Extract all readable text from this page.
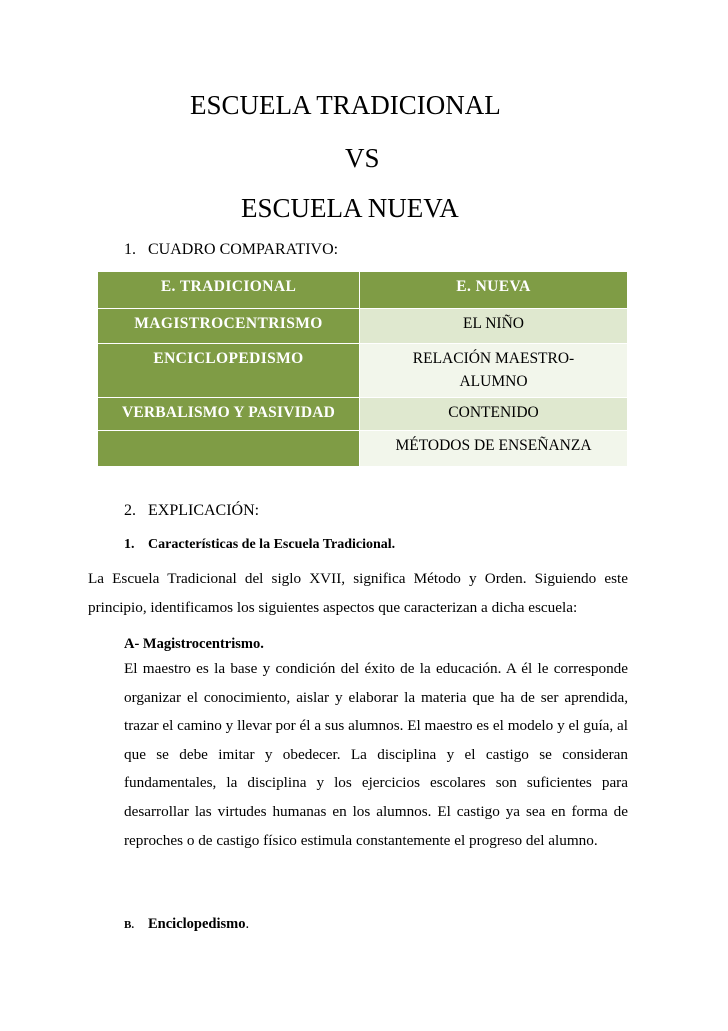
ESCUELA TRADICIONAL
VS
ESCUELA NUEVA
1. CUADRO COMPARATIVO:
E. TRADICIONAL	E. NUEVA
MAGISTROCENTRISMO	EL NIÑO
ENCICLOPEDISMO	RELACIÓN MAESTRO-ALUMNO
VERBALISMO Y PASIVIDAD	CONTENIDO
	MÉTODOS DE ENSEÑANZA
2. EXPLICACIÓN:
1. Características de la Escuela Tradicional.
La Escuela Tradicional del siglo XVII, significa Método y Orden. Siguiendo este principio, identificamos los siguientes aspectos que caracterizan a dicha escuela:
A- Magistrocentrismo.
El maestro es la base y condición del éxito de la educación. A él le corresponde organizar el conocimiento, aislar y elaborar la materia que ha de ser aprendida, trazar el camino y llevar por él a sus alumnos. El maestro es el modelo y el guía, al que se debe imitar y obedecer. La disciplina y el castigo se consideran fundamentales, la disciplina y los ejercicios escolares son suficientes para desarrollar las virtudes humanas en los alumnos. El castigo ya sea en forma de reproches o de castigo físico estimula constantemente el progreso del alumno.
B. Enciclopedismo.
